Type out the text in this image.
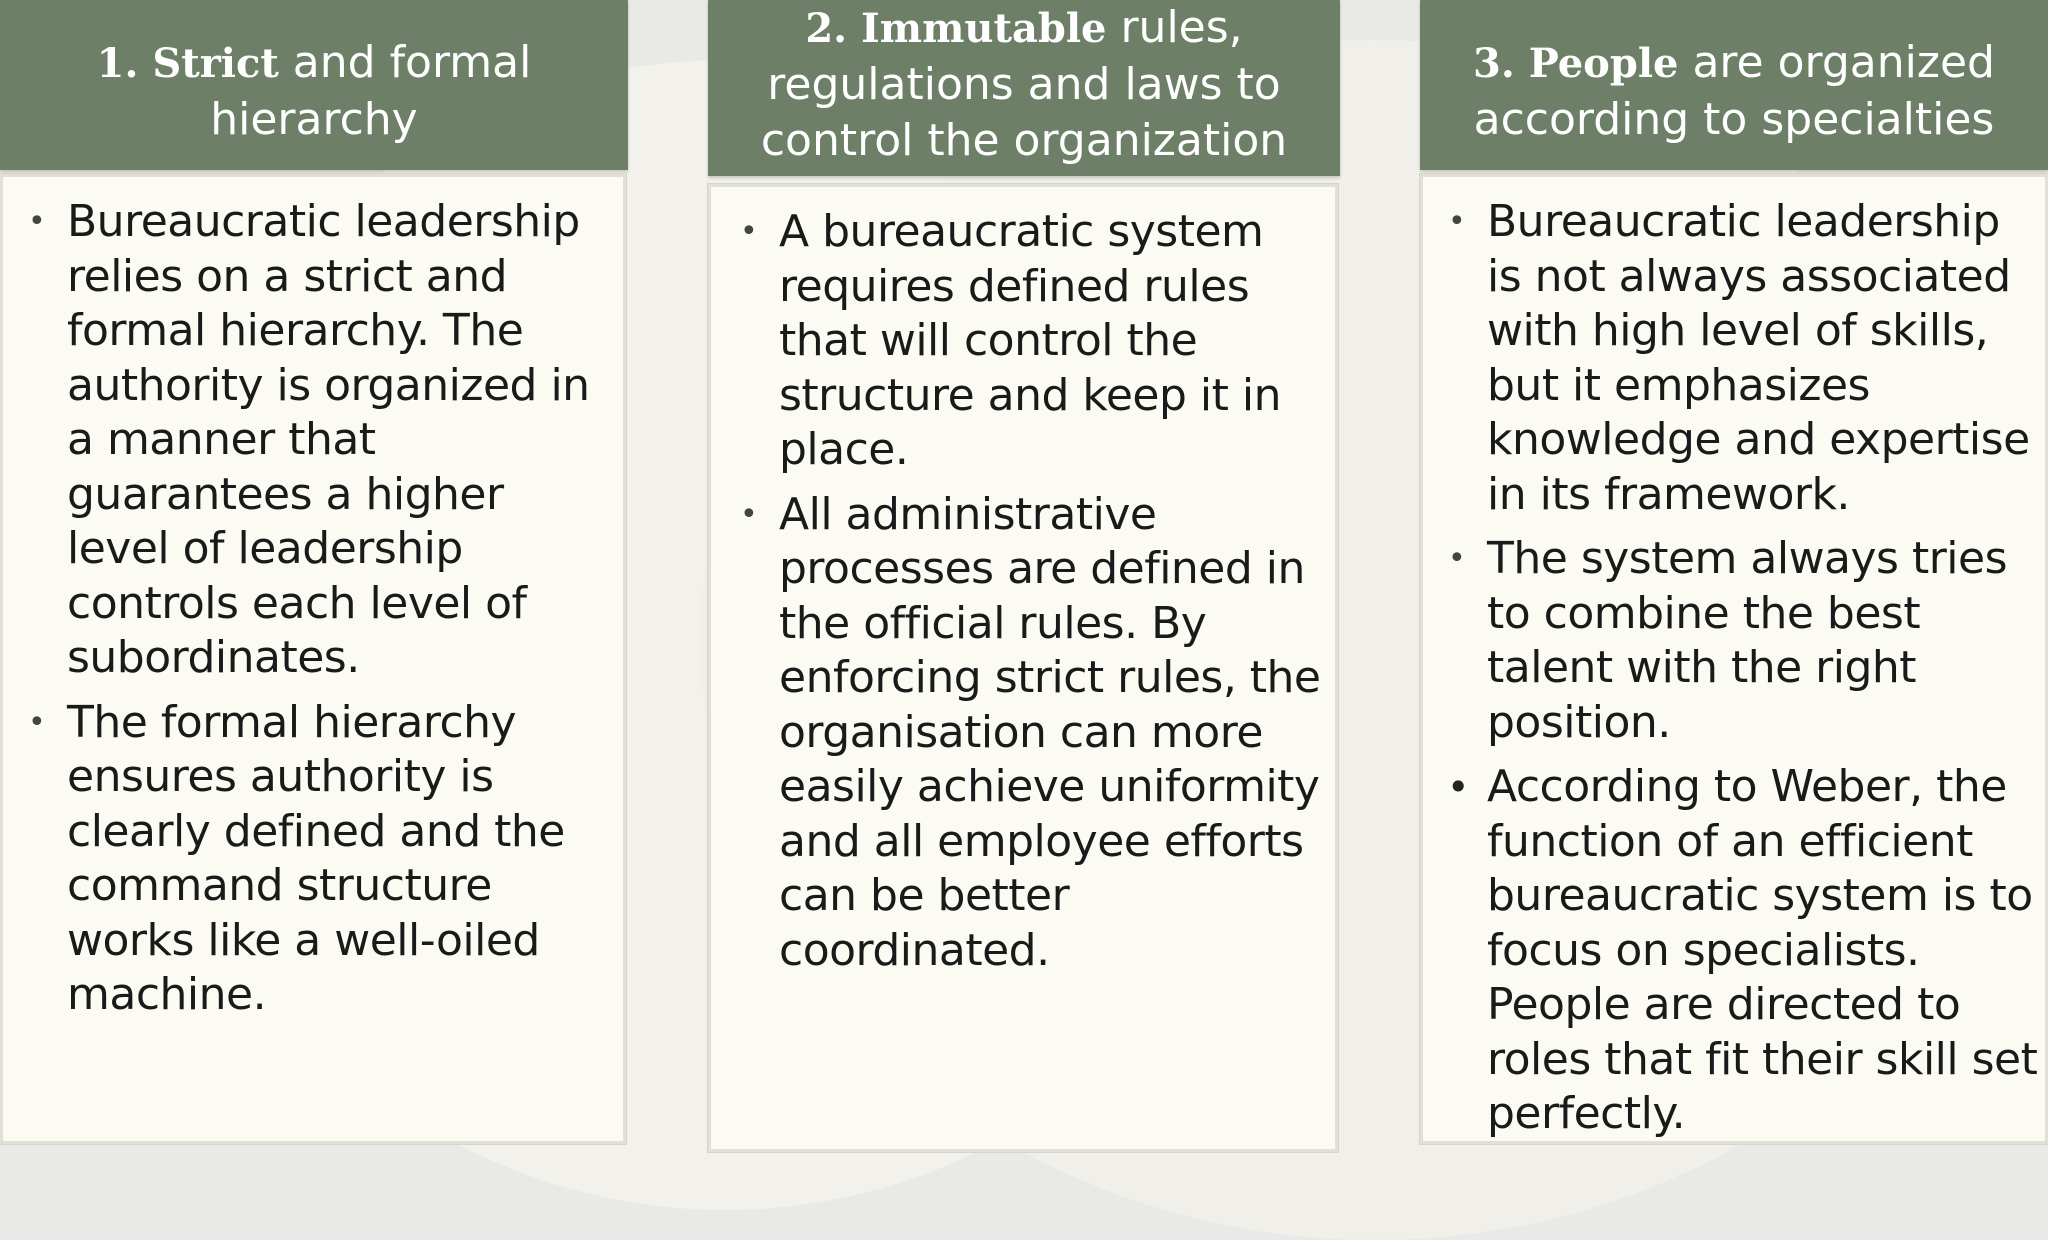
1. Strict and formal hierarchy
• Bureaucratic leadership relies on a strict and formal hierarchy. The authority is organized in a manner that guarantees a higher level of leadership controls each level of subordinates.
• The formal hierarchy ensures authority is clearly defined and the command structure works like a well-oiled machine.
2. Immutable rules, regulations and laws to control the organization
• A bureaucratic system requires defined rules that will control the structure and keep it in place.
• All administrative processes are defined in the official rules. By enforcing strict rules, the organisation can more easily achieve uniformity and all employee efforts can be better coordinated.
3. People are organized according to specialties
• Bureaucratic leadership is not always associated with high level of skills, but it emphasizes knowledge and expertise in its framework.
• The system always tries to combine the best talent with the right position.
• According to Weber, the function of an efficient bureaucratic system is to focus on specialists. People are directed to roles that fit their skill set perfectly.
